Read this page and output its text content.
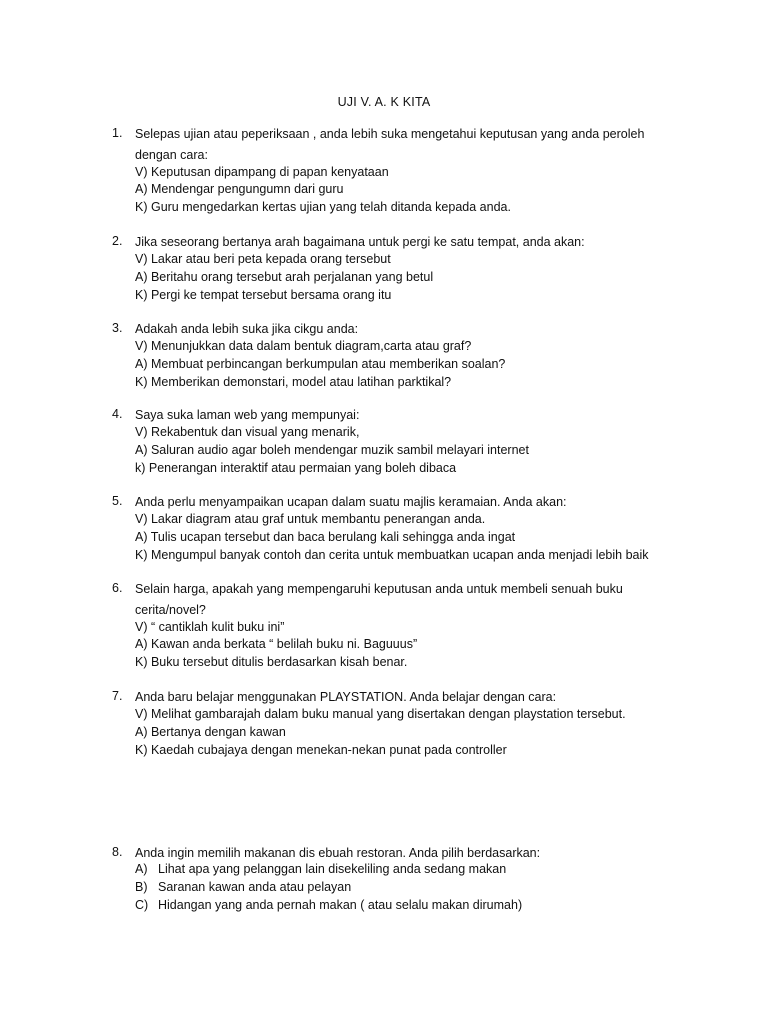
UJI V. A. K KITA
1. Selepas ujian atau peperiksaan , anda lebih suka mengetahui keputusan yang anda peroleh
dengan cara:
V) Keputusan dipampang di papan kenyataan
A) Mendengar pengungumn dari guru
K) Guru mengedarkan kertas ujian yang telah ditanda kepada anda.
2. Jika seseorang bertanya arah bagaimana untuk pergi ke satu tempat, anda akan:
V) Lakar atau beri peta kepada orang tersebut
A) Beritahu orang tersebut arah perjalanan yang betul
K) Pergi ke tempat tersebut bersama orang itu
3. Adakah anda lebih suka jika cikgu anda:
V) Menunjukkan data dalam bentuk diagram,carta atau graf?
A) Membuat perbincangan berkumpulan atau memberikan soalan?
K) Memberikan demonstari, model atau latihan parktikal?
4. Saya suka laman web yang mempunyai:
V) Rekabentuk dan visual yang menarik,
A) Saluran audio agar boleh mendengar muzik sambil melayari internet
k) Penerangan interaktif atau permaian yang boleh dibaca
5. Anda perlu menyampaikan ucapan dalam suatu majlis keramaian. Anda akan:
V) Lakar diagram atau graf untuk membantu penerangan anda.
A) Tulis ucapan tersebut dan baca berulang kali sehingga anda ingat
K) Mengumpul banyak contoh dan cerita untuk membuatkan ucapan anda menjadi lebih baik
6. Selain harga, apakah yang mempengaruhi keputusan anda untuk membeli senuah buku
cerita/novel?
V) “ cantiklah kulit buku ini”
A) Kawan anda berkata “ belilah buku ni. Baguuus”
K) Buku tersebut ditulis berdasarkan kisah benar.
7. Anda baru belajar menggunakan PLAYSTATION. Anda belajar dengan cara:
V) Melihat gambarajah dalam buku manual yang disertakan dengan playstation tersebut.
A) Bertanya dengan kawan
K) Kaedah cubajaya dengan menekan-nekan punat pada controller
8. Anda ingin memilih makanan dis ebuah restoran. Anda pilih berdasarkan:
A) Lihat apa yang pelanggan lain disekeliling anda sedang makan
B) Saranan kawan anda atau pelayan
C) Hidangan yang anda pernah makan ( atau selalu makan dirumah)
